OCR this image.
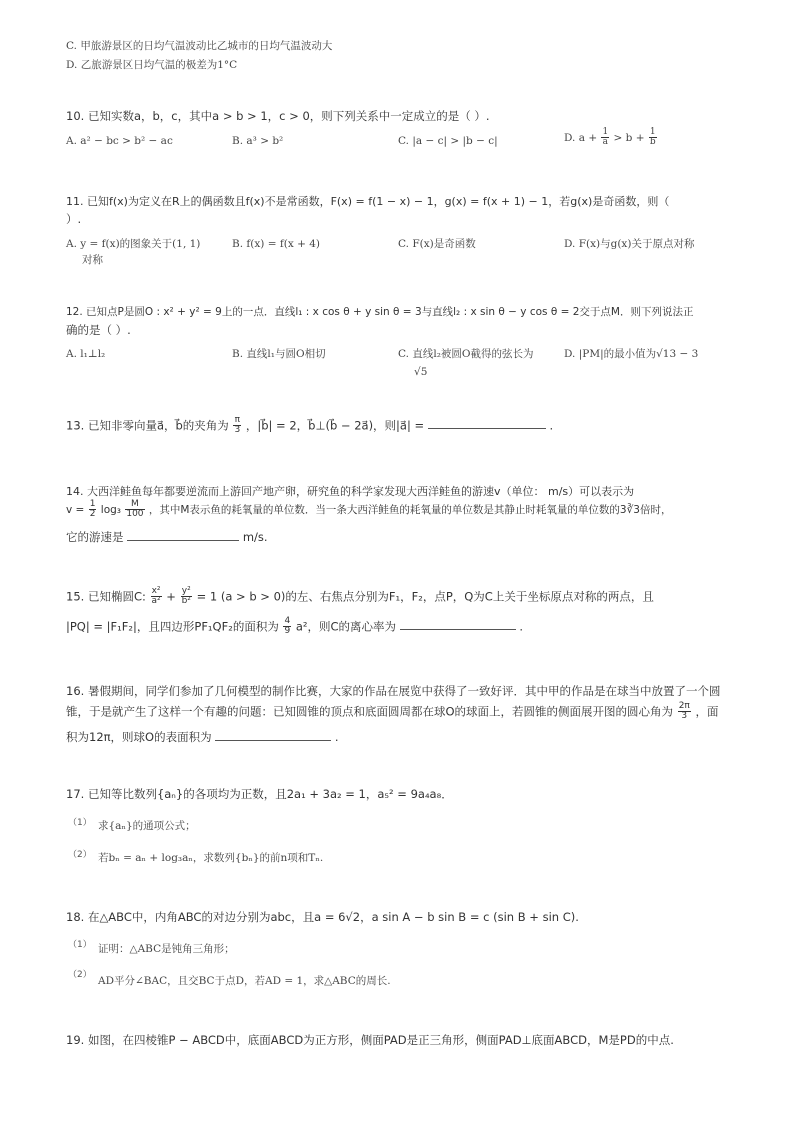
C. 甲旅游景区的日均气温波动比乙城市的日均气温波动大
D. 乙旅游景区日均气温的极差为1°C
10. 已知实数a，b，c，其中a > b > 1，c > 0，则下列关系中一定成立的是（ ）.
A. a² − bc > b² − ac	B. a³ > b²	C. |a − c| > |b − c|	D. $a + \frac{1}{a} > b + \frac{1}{b}$
11. 已知f(x)为定义在R上的偶函数且f(x)不是常函数，F(x) = f(1 − x) − 1，g(x) = f(x + 1) − 1，若g(x)是奇函数，则（
）.
A. y = f(x)的图象关于(1, 1)
对称
B. f(x) = f(x + 4)	C. F(x)是奇函数	D. F(x)与g(x)关于原点对称
12. 已知点P是圆O : x² + y² = 9上的一点．直线l₁ : x cos θ + y sin θ = 3与直线l₂ : x sin θ − y cos θ = 2交于点M．则下列说法正
确的是（ ）.
A. l₁⊥l₂	B. 直线l₁与圆O相切	C. 直线l₂被圆O截得的弦长为
√5
D. |PM|的最小值为√13 − 3
13. 已知非零向量a⃗，b⃗的夹角为 $\frac{\pi}{3}$ ，|b⃗| = 2，b⃗⊥(b⃗ − 2a⃗)，则|a⃗| =	.
14. 大西洋鲑鱼每年都要逆流而上游回产地产卵，研究鱼的科学家发现大西洋鲑鱼的游速v（单位： m/s）可以表示为
$v = \frac{1}{2} \log_3 \frac{M}{100}$ ，其中M表示鱼的耗氧量的单位数．当一条大西洋鲑鱼的耗氧量的单位数是其静止时耗氧量的单位数的3∛3倍时，
它的游速是	m/s.
15. 已知椭圆C: $\frac{\text{x²}}{\text{a²}} + \frac{\text{y²}}{\text{b²}} = 1$ (a > b > 0)的左、右焦点分别为F₁，F₂，点P，Q为C上关于坐标原点对称的两点，且
|PQ| = |F₁F₂|，且四边形PF₁QF₂的面积为 $\frac{4}{9} a^2$，则C的离心率为	.
16. 暑假期间，同学们参加了几何模型的制作比赛，大家的作品在展览中获得了一致好评．其中甲的作品是在球当中放置了一个圆
锥，于是就产生了这样一个有趣的问题：已知圆锥的顶点和底面圆周都在球O的球面上，若圆锥的侧面展开图的圆心角为 $\frac{2\pi}{3}$ ，面
积为12π，则球O的表面积为	.
17. 已知等比数列{aₙ}的各项均为正数，且2a₁ + 3a₂ = 1，a₅² = 9a₄a₈．
（1） 求{aₙ}的通项公式；
（2） 若bₙ = aₙ + log₃aₙ，求数列{bₙ}的前n项和Tₙ.
18. 在△ABC中，内角ABC的对边分别为abc，且a = 6√2，a sin A − b sin B = c (sin B + sin C).
（1） 证明：△ABC是钝角三角形；
（2） AD平分∠BAC，且交BC于点D，若AD = 1，求△ABC的周长.
19. 如图，在四棱锥P − ABCD中，底面ABCD为正方形，侧面PAD是正三角形，侧面PAD⊥底面ABCD，M是PD的中点.
